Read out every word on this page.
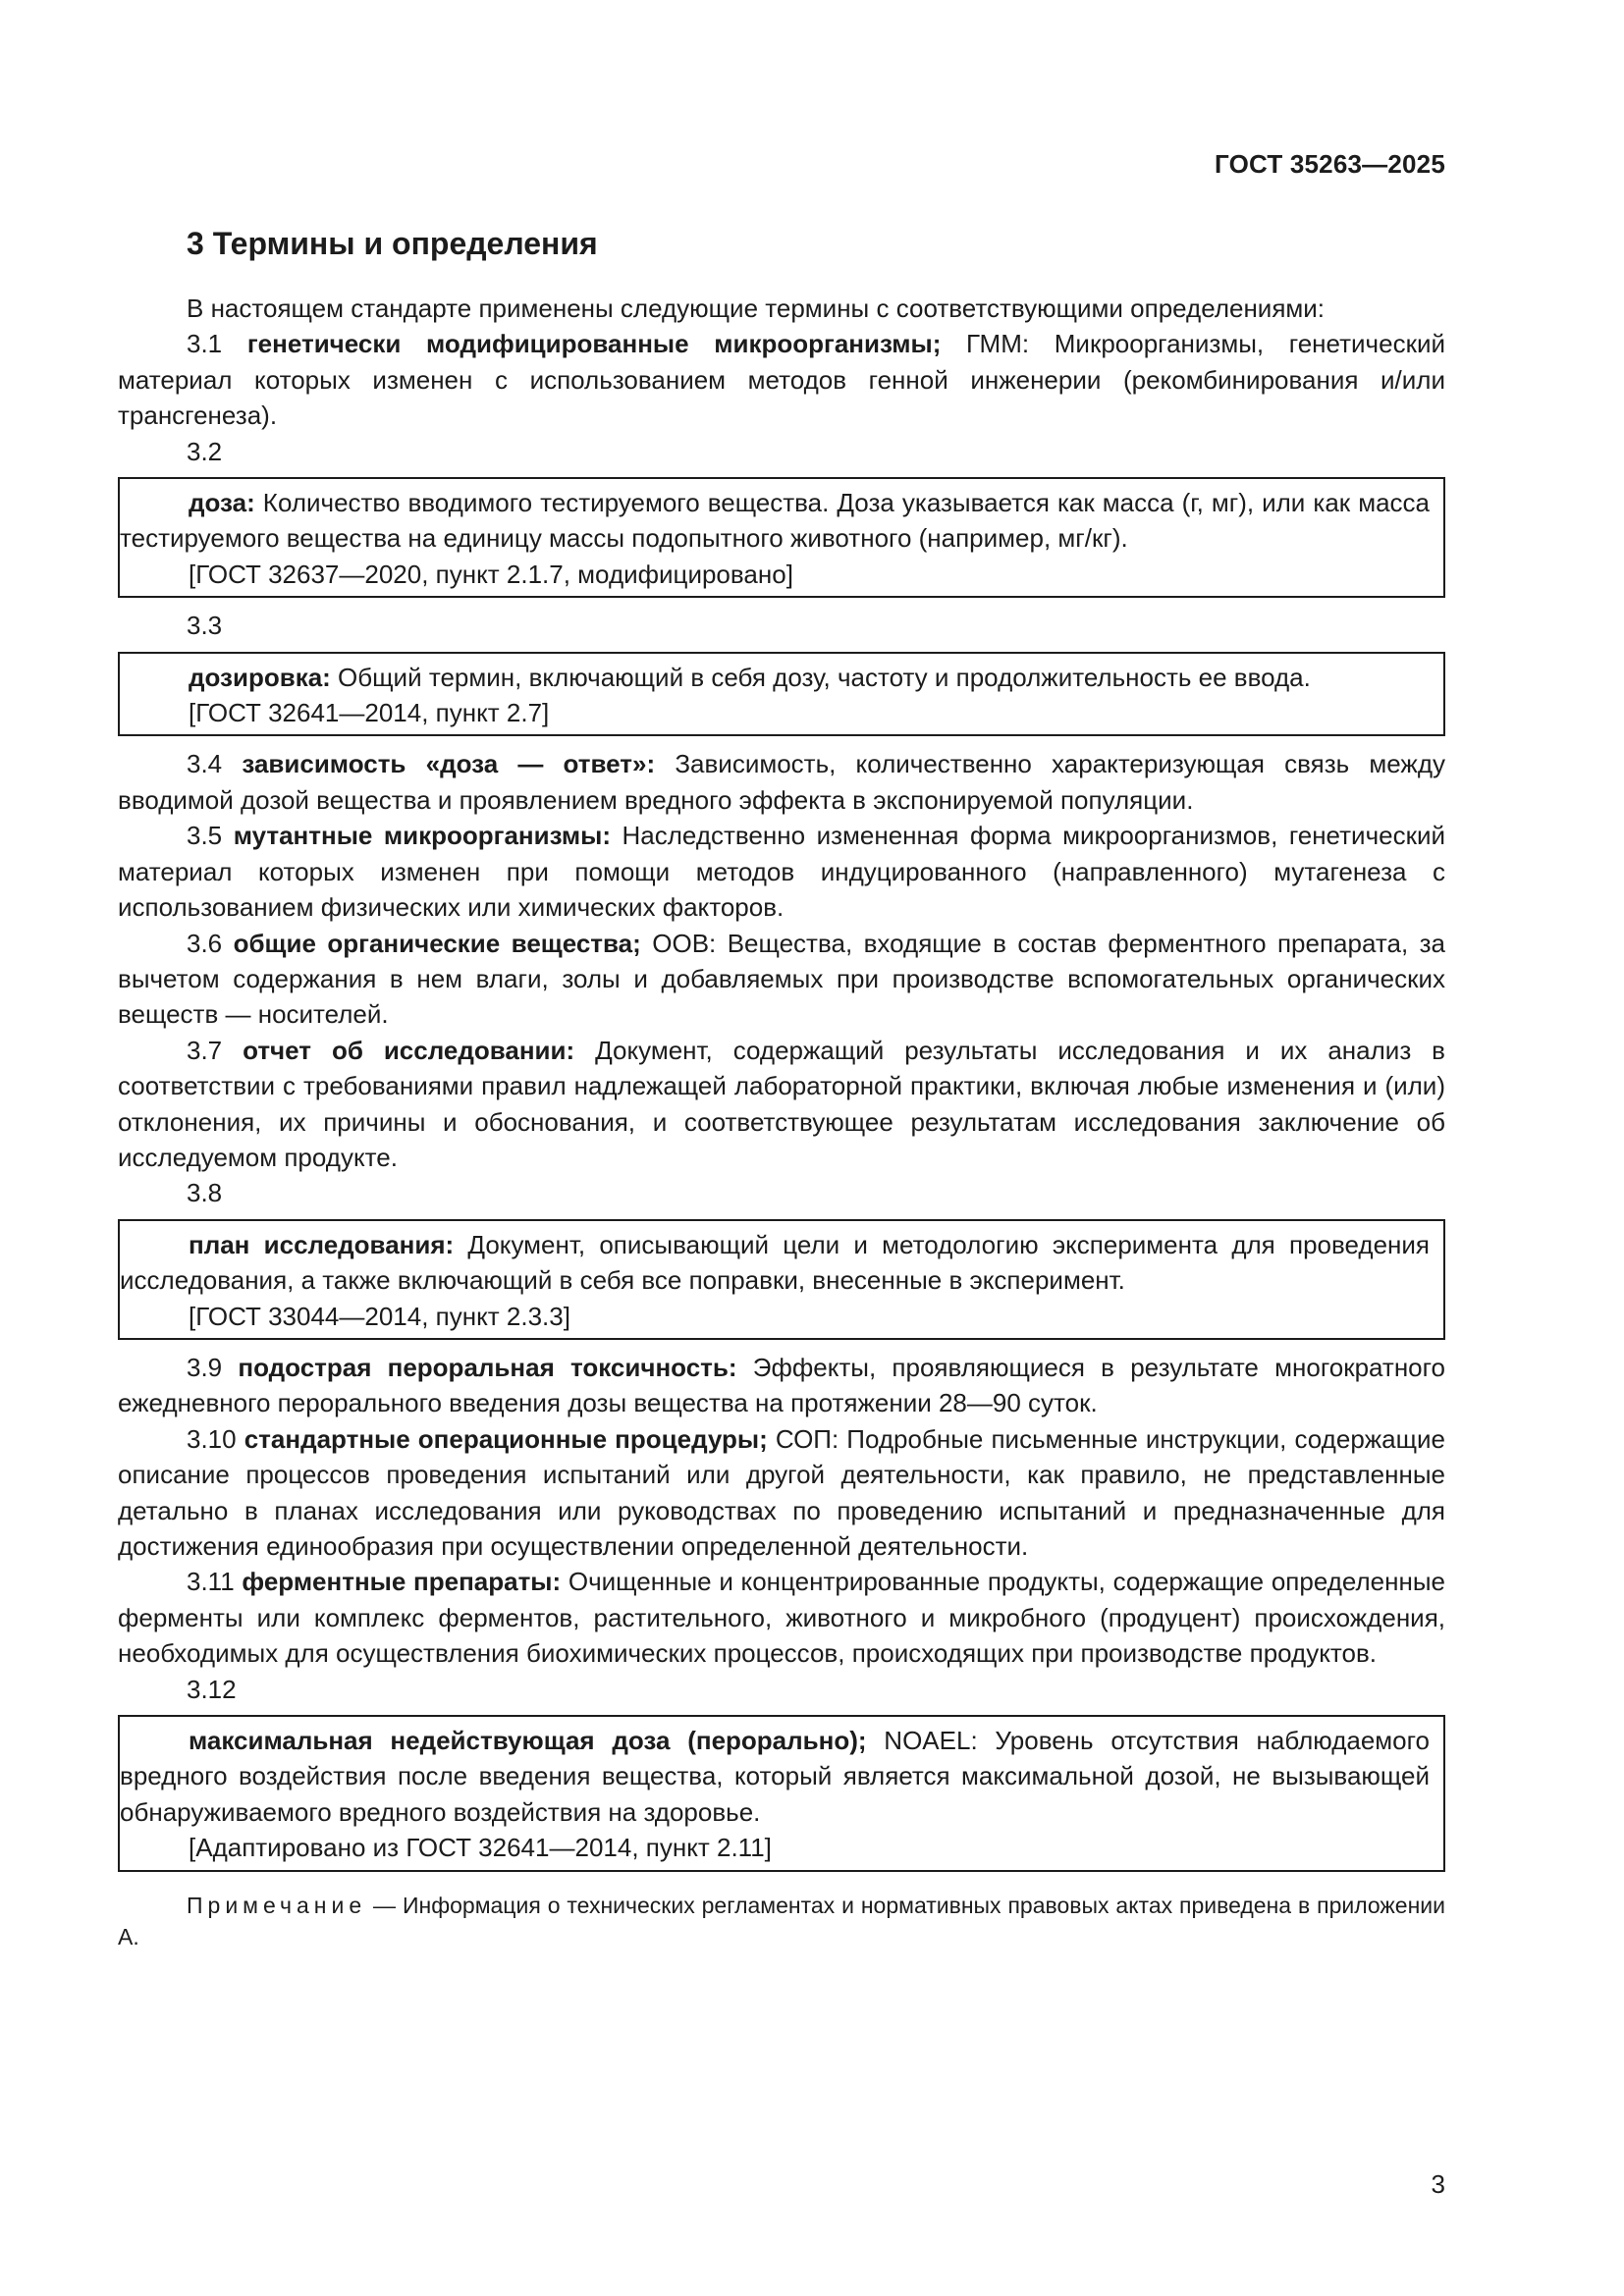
ГОСТ 35263—2025
3 Термины и определения

В настоящем стандарте применены следующие термины с соответствующими определениями:

3.1 генетически модифицированные микроорганизмы; ГММ: Микроорганизмы, генетический материал которых изменен с использованием методов генной инженерии (рекомбинирования и/или трансгенеза).

3.2

доза: Количество вводимого тестируемого вещества. Доза указывается как масса (г, мг), или как масса тестируемого вещества на единицу массы подопытного животного (например, мг/кг).

[ГОСТ 32637—2020, пункт 2.1.7, модифицировано]
3.3

дозировка: Общий термин, включающий в себя дозу, частоту и продолжительность ее ввода.

[ГОСТ 32641—2014, пункт 2.7]

3.4 зависимость «доза — ответ»: Зависимость, количественно характеризующая связь между вводимой дозой вещества и проявлением вредного эффекта в экспонируемой популяции.

3.5 мутантные микроорганизмы: Наследственно измененная форма микроорганизмов, генетический материал которых изменен при помощи методов индуцированного (направленного) мутагенеза с использованием физических или химических факторов.

3.6 общие органические вещества; ООВ: Вещества, входящие в состав ферментного препарата, за вычетом содержания в нем влаги, золы и добавляемых при производстве вспомогательных органических веществ — носителей.

3.7 отчет об исследовании: Документ, содержащий результаты исследования и их анализ в соответствии с требованиями правил надлежащей лабораторной практики, включая любые изменения и (или) отклонения, их причины и обоснования, и соответствующее результатам исследования заключение об исследуемом продукте.

3.8

план исследования: Документ, описывающий цели и методологию эксперимента для проведения исследования, а также включающий в себя все поправки, внесенные в эксперимент.

[ГОСТ 33044—2014, пункт 2.3.3]

3.9 подострая пероральная токсичность: Эффекты, проявляющиеся в результате многократного ежедневного перорального введения дозы вещества на протяжении 28—90 суток.

3.10 стандартные операционные процедуры; СОП: Подробные письменные инструкции, содержащие описание процессов проведения испытаний или другой деятельности, как правило, не представленные детально в планах исследования или руководствах по проведению испытаний и предназначенные для достижения единообразия при осуществлении определенной деятельности.

3.11 ферментные препараты: Очищенные и концентрированные продукты, содержащие определенные ферменты или комплекс ферментов, растительного, животного и микробного (продуцент) происхождения, необходимых для осуществления биохимических процессов, происходящих при производстве продуктов.

3.12

максимальная недействующая доза (перорально); NOAEL: Уровень отсутствия наблюдаемого вредного воздействия после введения вещества, который является максимальной дозой, не вызывающей обнаруживаемого вредного воздействия на здоровье.

[Адаптировано из ГОСТ 32641—2014, пункт 2.11]

Примечание — Информация о технических регламентах и нормативных правовых актах приведена в приложении А.

3
